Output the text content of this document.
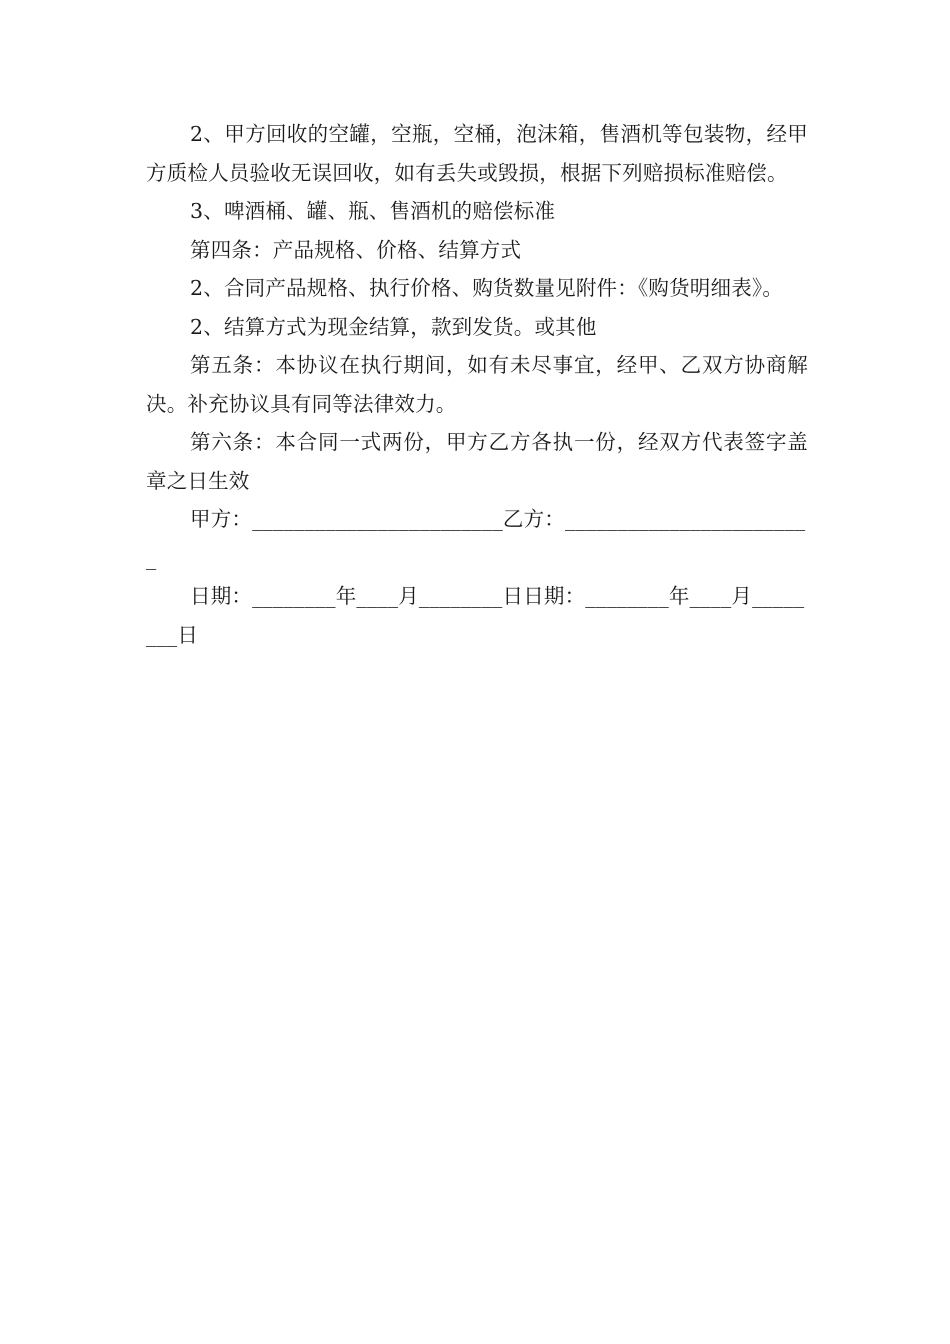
2、甲方回收的空罐，空瓶，空桶，泡沫箱，售酒机等包装物，经甲方质检人员验收无误回收，如有丢失或毁损，根据下列赔损标准赔偿。

3、啤酒桶、罐、瓶、售酒机的赔偿标准

第四条：产品规格、价格、结算方式

2、合同产品规格、执行价格、购货数量见附件：《购货明细表》。

2、结算方式为现金结算，款到发货。或其他

第五条：本协议在执行期间，如有未尽事宜，经甲、乙双方协商解决。补充协议具有同等法律效力。

第六条：本合同一式两份，甲方乙方各执一份，经双方代表签字盖章之日生效

甲方：________________________乙方：________________________

日期：________年____月________日日期：________年____月________日
